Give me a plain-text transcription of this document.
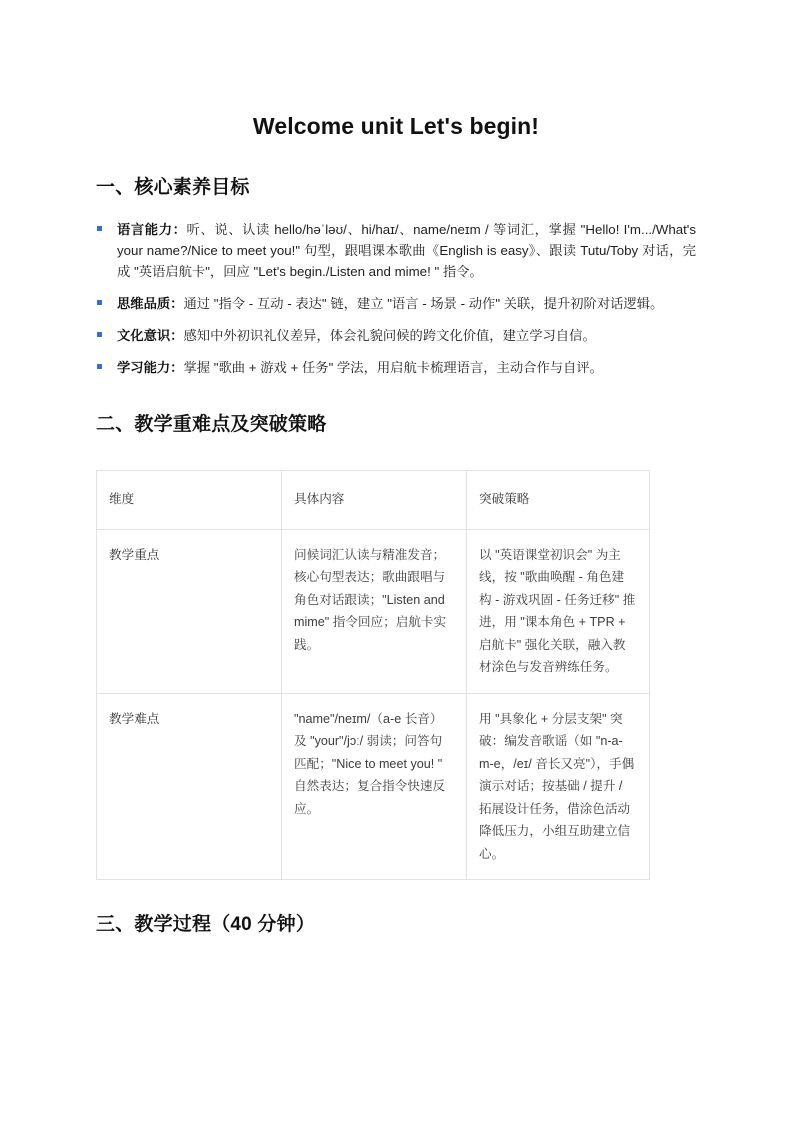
Welcome unit Let's begin!
一、核心素养目标
语言能力：听、说、认读 hello/həˈləʊ/、hi/haɪ/、name/neɪm / 等词汇，掌握 "Hello! I'm.../What's your name?/Nice to meet you!" 句型，跟唱课本歌曲《English is easy》、跟读 Tutu/Toby 对话，完成 "英语启航卡"，回应 "Let's begin./Listen and mime! " 指令。
思维品质：通过 "指令 - 互动 - 表达" 链，建立 "语言 - 场景 - 动作" 关联，提升初阶对话逻辑。
文化意识：感知中外初识礼仪差异，体会礼貌问候的跨文化价值，建立学习自信。
学习能力：掌握 "歌曲 + 游戏 + 任务" 学法，用启航卡梳理语言，主动合作与自评。
二、教学重难点及突破策略
维度	具体内容	突破策略
教学重点	问候词汇认读与精准发音；核心句型表达；歌曲跟唱与角色对话跟读；"Listen and mime" 指令回应；启航卡实践。	以 "英语课堂初识会" 为主线，按 "歌曲唤醒 - 角色建构 - 游戏巩固 - 任务迁移" 推进，用 "课本角色 + TPR + 启航卡" 强化关联，融入教材涂色与发音辨练任务。
教学难点	"name"/neɪm/（a-e 长音）及 "your"/jɔː/ 弱读；问答句匹配；"Nice to meet you! " 自然表达；复合指令快速反应。	用 "具象化 + 分层支架" 突破：编发音歌谣（如 "n-a-m-e，/eɪ/ 音长又亮"），手偶演示对话；按基础 / 提升 / 拓展设计任务，借涂色活动降低压力，小组互助建立信心。
三、教学过程（40 分钟）
